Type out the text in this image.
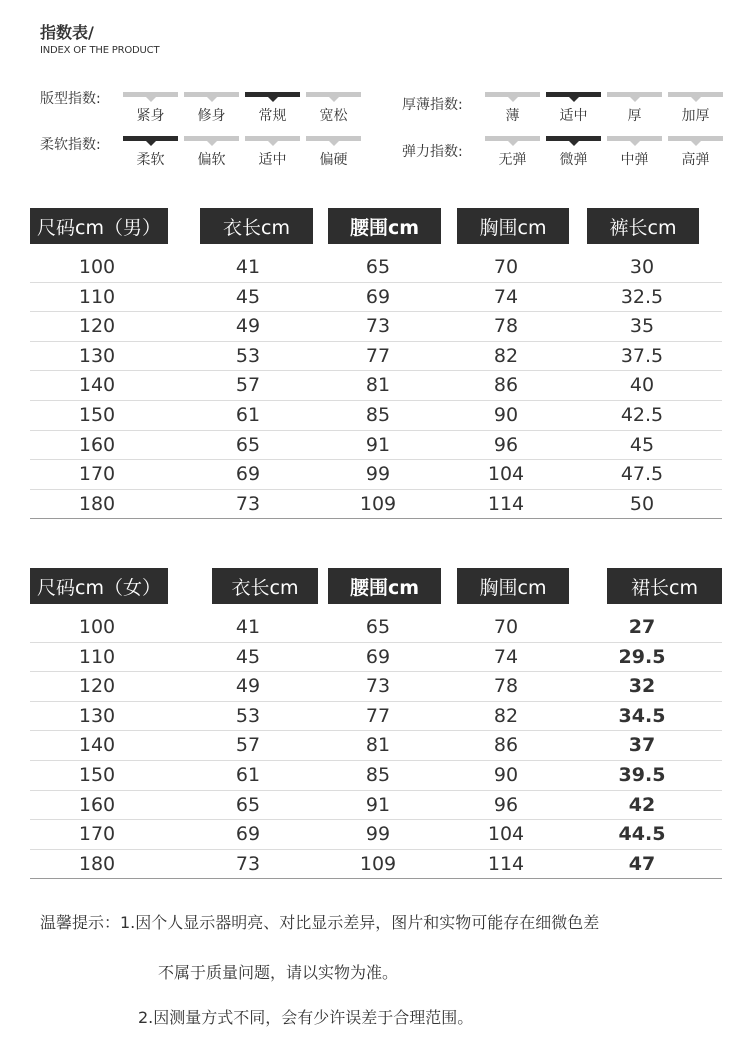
指数表/
INDEX OF THE PRODUCT
版型指数:
紧身	修身	常规	宽松
柔软指数:
柔软	偏软	适中	偏硬
厚薄指数:
薄	适中	厚	加厚
弹力指数:	无弹	微弹	中弹	高弹
尺码cm（男）	衣长cm	腰围cm	胸围cm	裤长cm
100	41	65	70	30
110	45	69	74	32.5
120	49	73	78	35
130	53	77	82	37.5
140	57	81	86	40
150	61	85	90	42.5
160	65	91	96	45
170	69	99	104	47.5
180	73	109	114	50
尺码cm（女）	衣长cm	腰围cm	胸围cm	裙长cm
100	41	65	70	27
110	45	69	74	29.5
120	49	73	78	32
130	53	77	82	34.5
140	57	81	86	37
150	61	85	90	39.5
160	65	91	96	42
170	69	99	104	44.5
180	73	109	114	47
温馨提示：1.因个人显示器明亮、对比显示差异，图片和实物可能存在细微色差
不属于质量问题，请以实物为准。
2.因测量方式不同，会有少许误差于合理范围。
